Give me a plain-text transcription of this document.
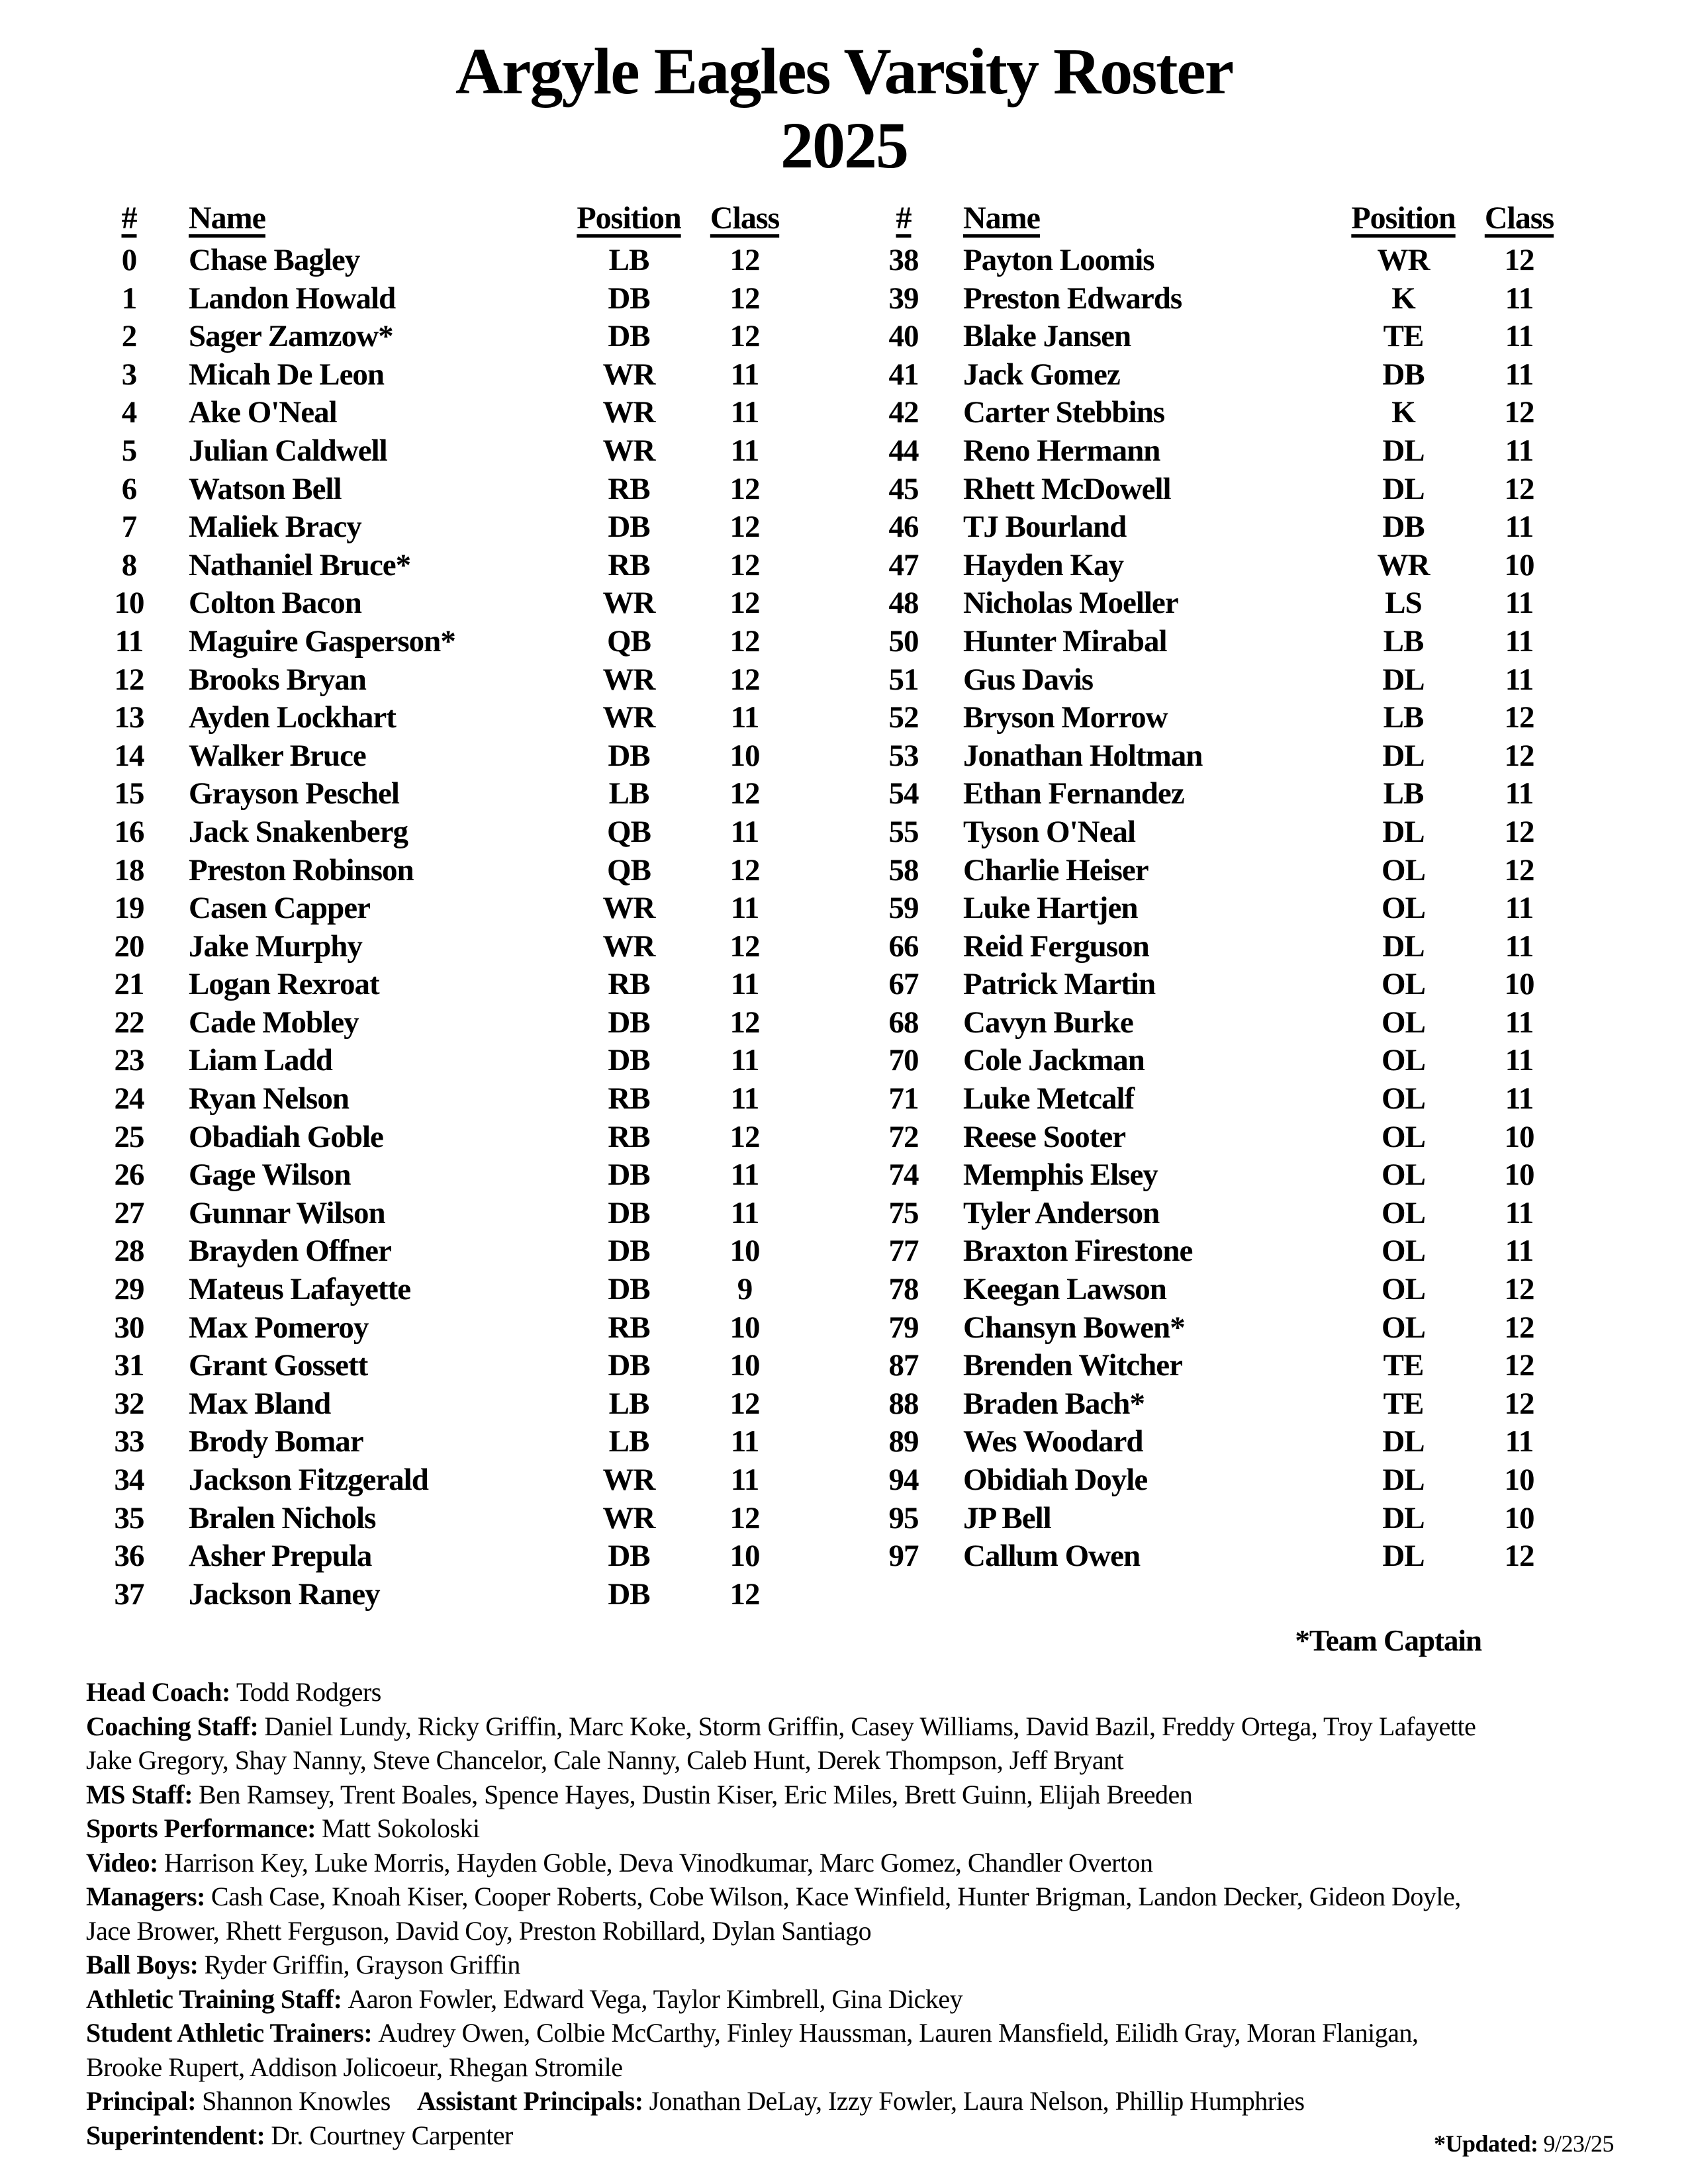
Argyle Eagles Varsity Roster
2025
#	Name	Position Class
0	Chase Bagley	LB	12
1	Landon Howald	DB	12
2	Sager Zamzow*	DB	12
3	Micah De Leon	WR	11
4	Ake O'Neal	WR	11
5	Julian Caldwell	WR	11
6	Watson Bell	RB	12
7	Maliek Bracy	DB	12
8	Nathaniel Bruce*	RB	12
10	Colton Bacon	WR	12
11	Maguire Gasperson*	QB	12
12	Brooks Bryan	WR	12
13	Ayden Lockhart	WR	11
14	Walker Bruce	DB	10
15	Grayson Peschel	LB	12
16	Jack Snakenberg	QB	11
18	Preston Robinson	QB	12
19	Casen Capper	WR	11
20	Jake Murphy	WR	12
21	Logan Rexroat	RB	11
22	Cade Mobley	DB	12
23	Liam Ladd	DB	11
24	Ryan Nelson	RB	11
25	Obadiah Goble	RB	12
26	Gage Wilson	DB	11
27	Gunnar Wilson	DB	11
28	Brayden Offner	DB	10
29	Mateus Lafayette	DB	9
30	Max Pomeroy	RB	10
31	Grant Gossett	DB	10
32	Max Bland	LB	12
33	Brody Bomar	LB	11
34	Jackson Fitzgerald	WR	11
35	Bralen Nichols	WR	12
36	Asher Prepula	DB	10
37	Jackson Raney	DB	12
#	Name	Position Class
38	Payton Loomis	WR	12
39	Preston Edwards	K	11
40	Blake Jansen	TE	11
41	Jack Gomez	DB	11
42	Carter Stebbins	K	12
44	Reno Hermann	DL	11
45	Rhett McDowell	DL	12
46	TJ Bourland	DB	11
47	Hayden Kay	WR	10
48	Nicholas Moeller	LS	11
50	Hunter Mirabal	LB	11
51	Gus Davis	DL	11
52	Bryson Morrow	LB	12
53	Jonathan Holtman	DL	12
54	Ethan Fernandez	LB	11
55	Tyson O'Neal	DL	12
58	Charlie Heiser	OL	12
59	Luke Hartjen	OL	11
66	Reid Ferguson	DL	11
67	Patrick Martin	OL	10
68	Cavyn Burke	OL	11
70	Cole Jackman	OL	11
71	Luke Metcalf	OL	11
72	Reese Sooter	OL	10
74	Memphis Elsey	OL	10
75	Tyler Anderson	OL	11
77	Braxton Firestone	OL	11
78	Keegan Lawson	OL	12
79	Chansyn Bowen*	OL	12
87	Brenden Witcher	TE	12
88	Braden Bach*	TE	12
89	Wes Woodard	DL	11
94	Obidiah Doyle	DL	10
95	JP Bell	DL	10
97	Callum Owen	DL	12
*Team Captain
Head Coach: Todd Rodgers
Coaching Staff: Daniel Lundy, Ricky Griffin, Marc Koke, Storm Griffin, Casey Williams, David Bazil, Freddy Ortega, Troy Lafayette
Jake Gregory, Shay Nanny, Steve Chancelor, Cale Nanny, Caleb Hunt, Derek Thompson, Jeff Bryant
MS Staff: Ben Ramsey, Trent Boales, Spence Hayes, Dustin Kiser, Eric Miles, Brett Guinn, Elijah Breeden
Sports Performance: Matt Sokoloski
Video: Harrison Key, Luke Morris, Hayden Goble, Deva Vinodkumar, Marc Gomez, Chandler Overton
Managers: Cash Case, Knoah Kiser, Cooper Roberts, Cobe Wilson, Kace Winfield, Hunter Brigman, Landon Decker, Gideon Doyle,
Jace Brower, Rhett Ferguson, David Coy, Preston Robillard, Dylan Santiago
Ball Boys: Ryder Griffin, Grayson Griffin
Athletic Training Staff: Aaron Fowler, Edward Vega, Taylor Kimbrell, Gina Dickey
Student Athletic Trainers: Audrey Owen, Colbie McCarthy, Finley Haussman, Lauren Mansfield, Eilidh Gray, Moran Flanigan,
Brooke Rupert, Addison Jolicoeur, Rhegan Stromile
Principal: Shannon Knowles Assistant Principals: Jonathan DeLay, Izzy Fowler, Laura Nelson, Phillip Humphries
Superintendent: Dr. Courtney Carpenter	*Updated: 9/23/25
